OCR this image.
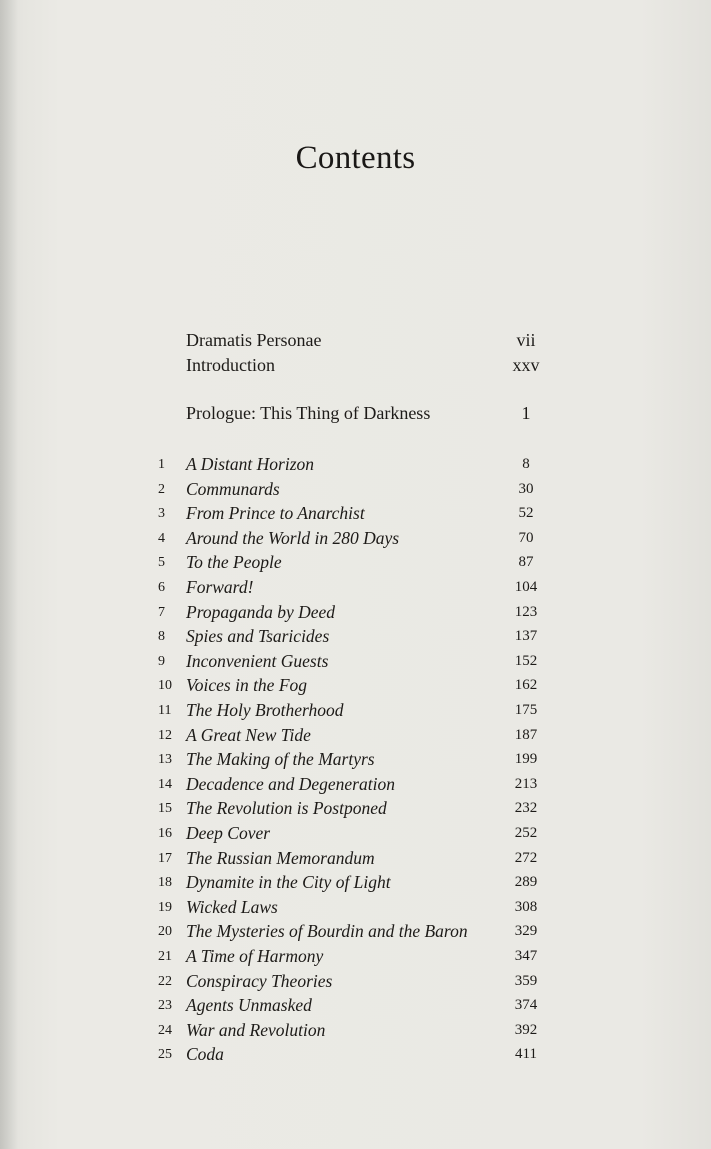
Contents
Dramatis Personae	vii
Introduction	xxv
Prologue: This Thing of Darkness	1
1	A Distant Horizon	8
2	Communards	30
3	From Prince to Anarchist	52
4	Around the World in 280 Days	70
5	To the People	87
6	Forward!	104
7	Propaganda by Deed	123
8	Spies and Tsaricides	137
9	Inconvenient Guests	152
10 Voices in the Fog	162
11 The Holy Brotherhood	175
12 A Great New Tide	187
13 The Making of the Martyrs	199
14 Decadence and Degeneration	213
15 The Revolution is Postponed	232
16 Deep Cover	252
17 The Russian Memorandum	272
18 Dynamite in the City of Light	289
19 Wicked Laws	308
20 The Mysteries of Bourdin and the Baron	329
21 A Time of Harmony	347
22 Conspiracy Theories	359
23 Agents Unmasked	374
24 War and Revolution	392
25 Coda	411
